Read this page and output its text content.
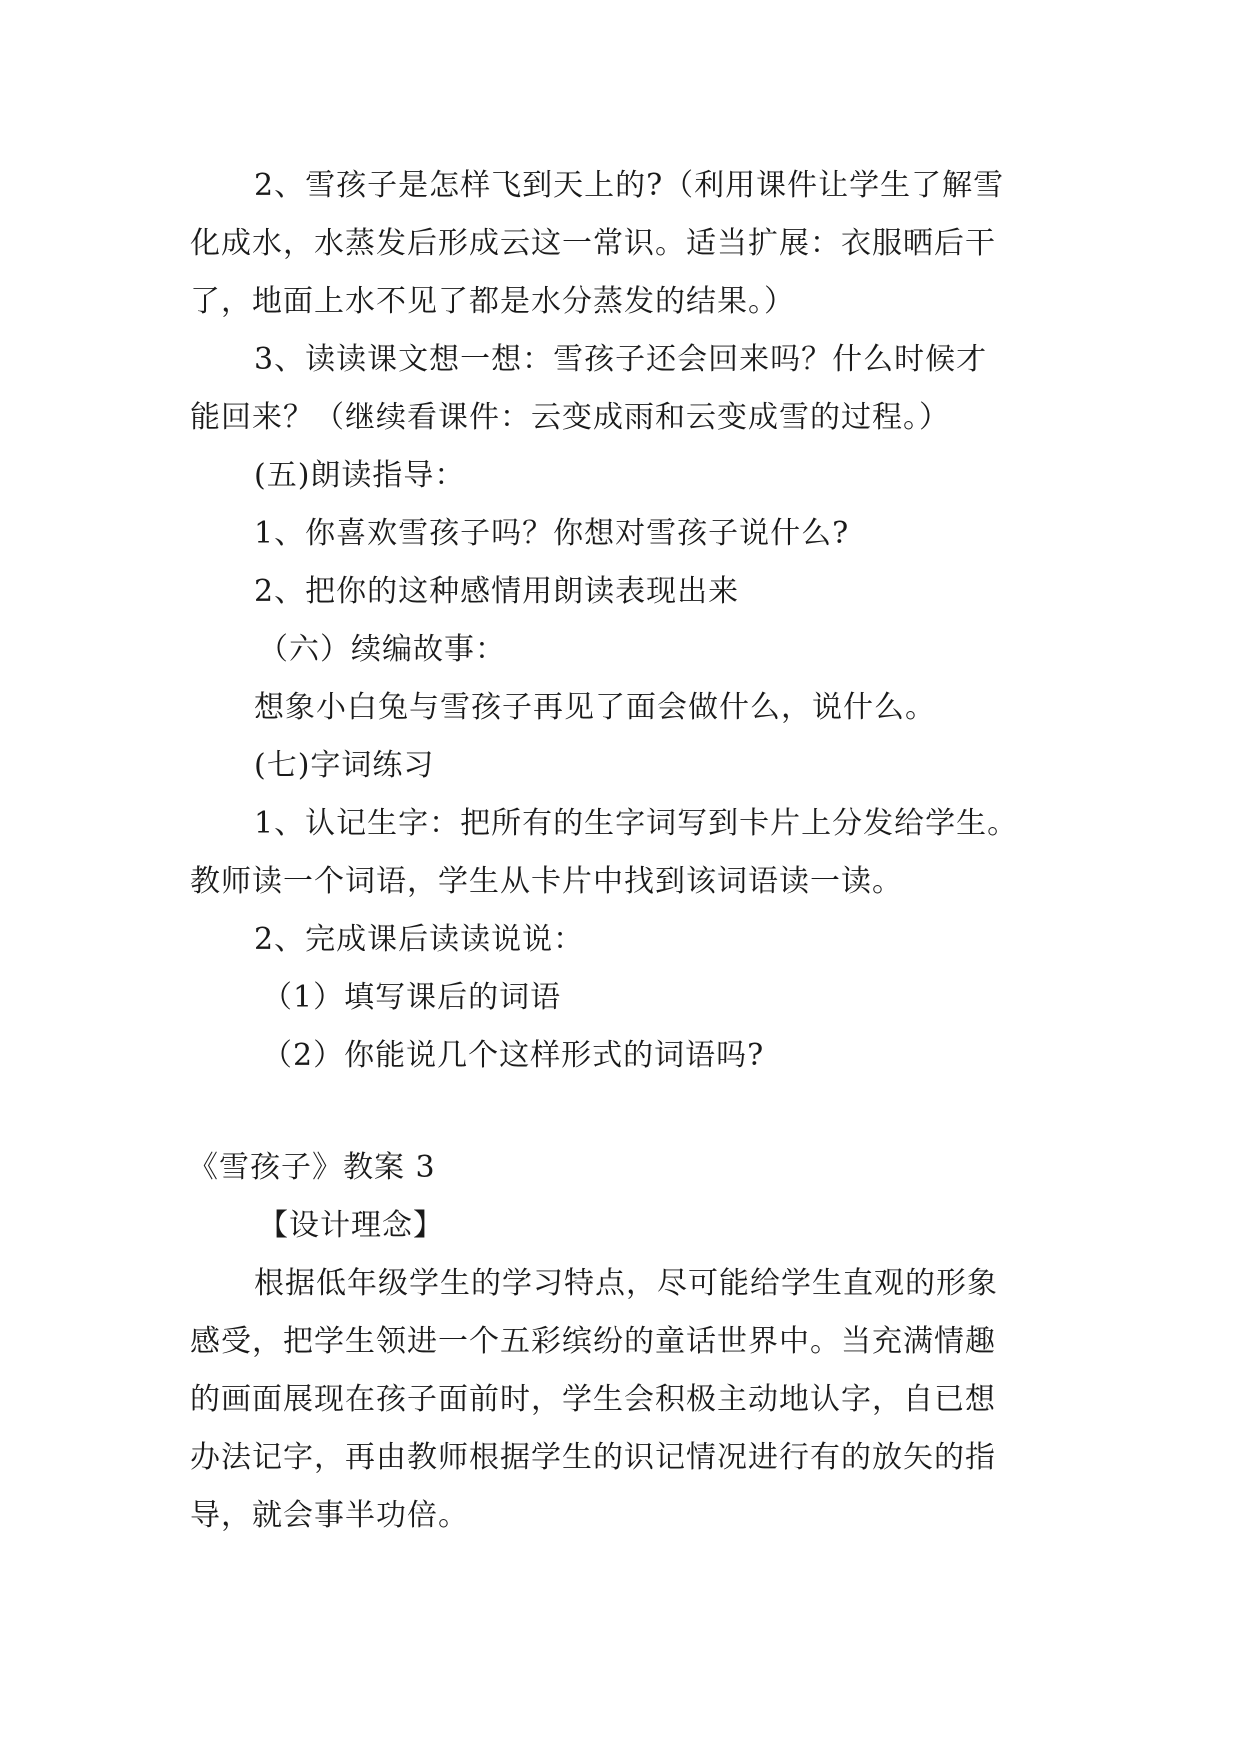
2、雪孩子是怎样飞到天上的?（利用课件让学生了解雪
化成水，水蒸发后形成云这一常识。适当扩展：衣服晒后干
了，地面上水不见了都是水分蒸发的结果。）
3、读读课文想一想：雪孩子还会回来吗？什么时候才
能回来？（继续看课件：云变成雨和云变成雪的过程。）
(五)朗读指导：
1、你喜欢雪孩子吗？你想对雪孩子说什么?
2、把你的这种感情用朗读表现出来
（六）续编故事：
想象小白兔与雪孩子再见了面会做什么，说什么。
(七)字词练习
1、认记生字：把所有的生字词写到卡片上分发给学生。
教师读一个词语，学生从卡片中找到该词语读一读。
2、完成课后读读说说：
（1）填写课后的词语
（2）你能说几个这样形式的词语吗?
《雪孩子》教案 3
【设计理念】
根据低年级学生的学习特点，尽可能给学生直观的形象
感受，把学生领进一个五彩缤纷的童话世界中。当充满情趣
的画面展现在孩子面前时，学生会积极主动地认字，自已想
办法记字，再由教师根据学生的识记情况进行有的放矢的指
导，就会事半功倍。
